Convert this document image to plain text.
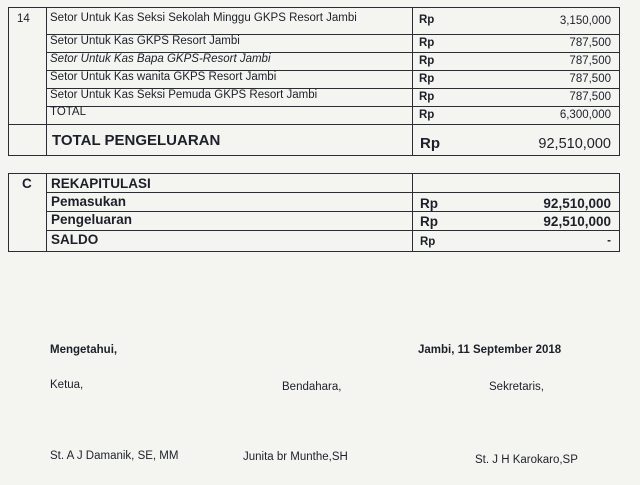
14 Setor Untuk Kas Seksi Sekolah Minggu GKPS Resort Jambi	Rp	3,150,000
Setor Untuk Kas GKPS Resort Jambi	Rp	787,500
Setor Untuk Kas Bapa GKPS-Resort Jambi	Rp	787,500
Setor Untuk Kas wanita GKPS Resort Jambi	Rp	787,500
Setor Untuk Kas Seksi Pemuda GKPS Resort Jambi	Rp	787,500
TOTAL	Rp	6,300,000
TOTAL PENGELUARAN	Rp	92,510,000
C REKAPITULASI
Pemasukan	Rp	92,510,000
Pengeluaran	Rp	92,510,000
SALDO	Rp	-
Mengetahui,	Jambi, 11 September 2018
Ketua,	Bendahara,	Sekretaris,
St. A J Damanik, SE, MM	Junita br Munthe,SH	St. J H Karokaro,SP
